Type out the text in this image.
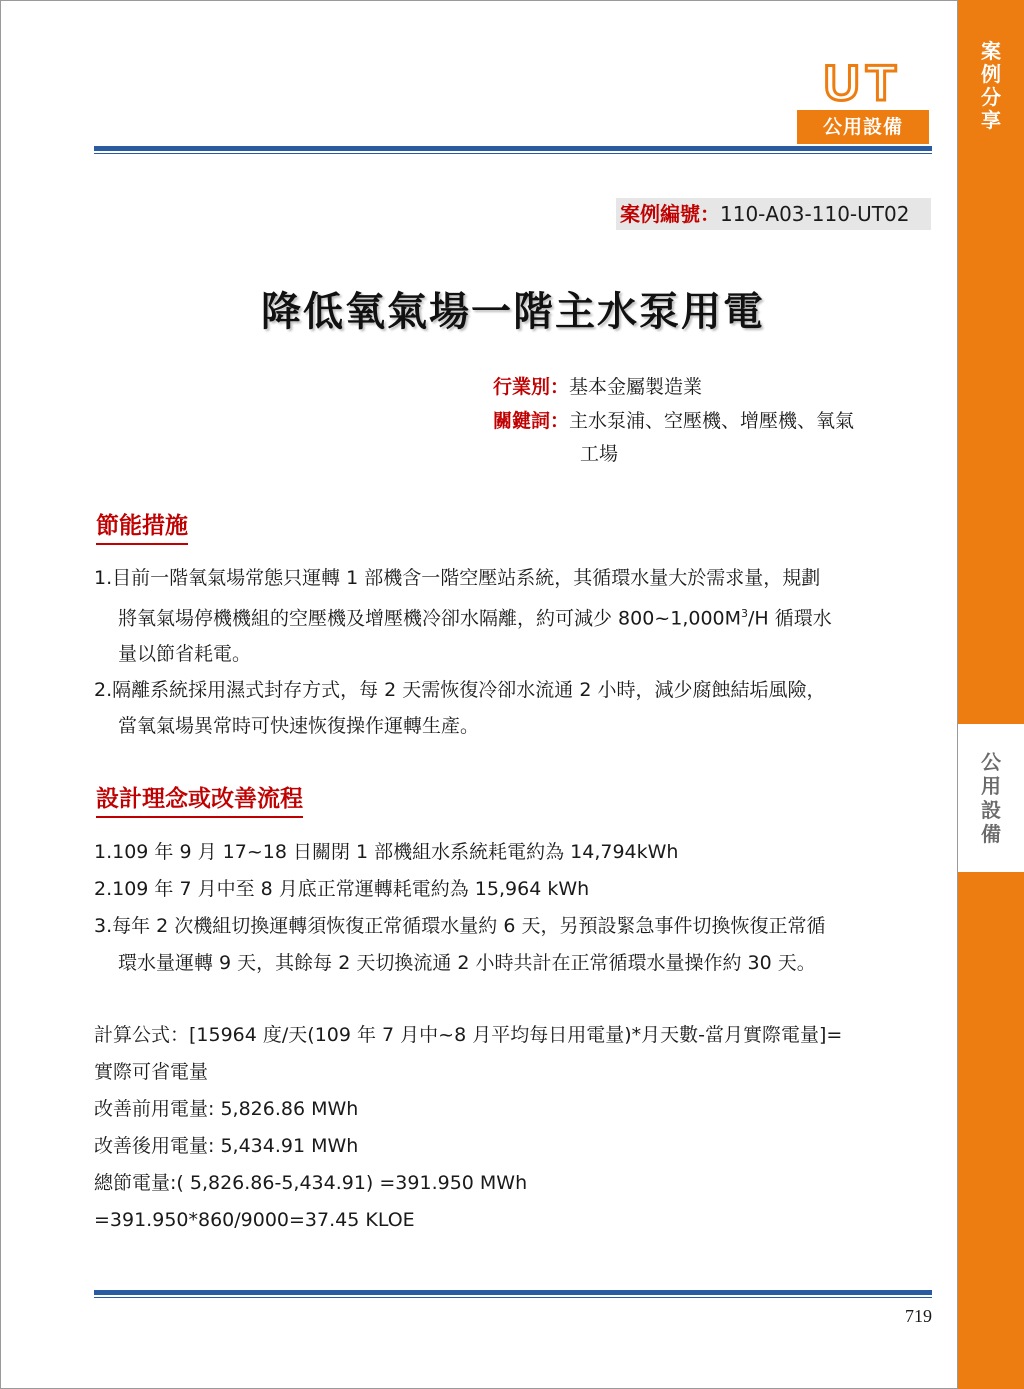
案
例
分
享
公
用
設
備
UT
公用設備
案例編號：110-A03-110-UT02
降低氧氣場一階主水泵用電
行業別：基本金屬製造業
關鍵詞：主水泵浦、空壓機、增壓機、氧氣
工場
節能措施

1.目前一階氧氣場常態只運轉 1 部機含一階空壓站系統，其循環水量大於需求量，規劃
將氧氣場停機機組的空壓機及增壓機冷卻水隔離，約可減少 $800\sim 1,000M^3/H$ 循環水
量以節省耗電。

2.隔離系統採用濕式封存方式，每 2 天需恢復冷卻水流通 2 小時，減少腐蝕結垢風險，
當氧氣場異常時可快速恢復操作運轉生產。

設計理念或改善流程

1.109 年 9 月 17~18 日關閉 1 部機組水系統耗電約為 14,794kWh

2.109 年 7 月中至 8 月底正常運轉耗電約為 15,964 kWh

3.每年 2 次機組切換運轉須恢復正常循環水量約 6 天，另預設緊急事件切換恢復正常循
環水量運轉 9 天，其餘每 2 天切換流通 2 小時共計在正常循環水量操作約 30 天。

計算公式：[15964 度/天(109 年 7 月中~8 月平均每日用電量)*月天數-當月實際電量]=

實際可省電量

改善前用電量: 5,826.86 MWh

改善後用電量: 5,434.91 MWh

總節電量:( 5,826.86-5,434.91) =391.950 MWh

=391.950*860/9000=37.45 KLOE

719
